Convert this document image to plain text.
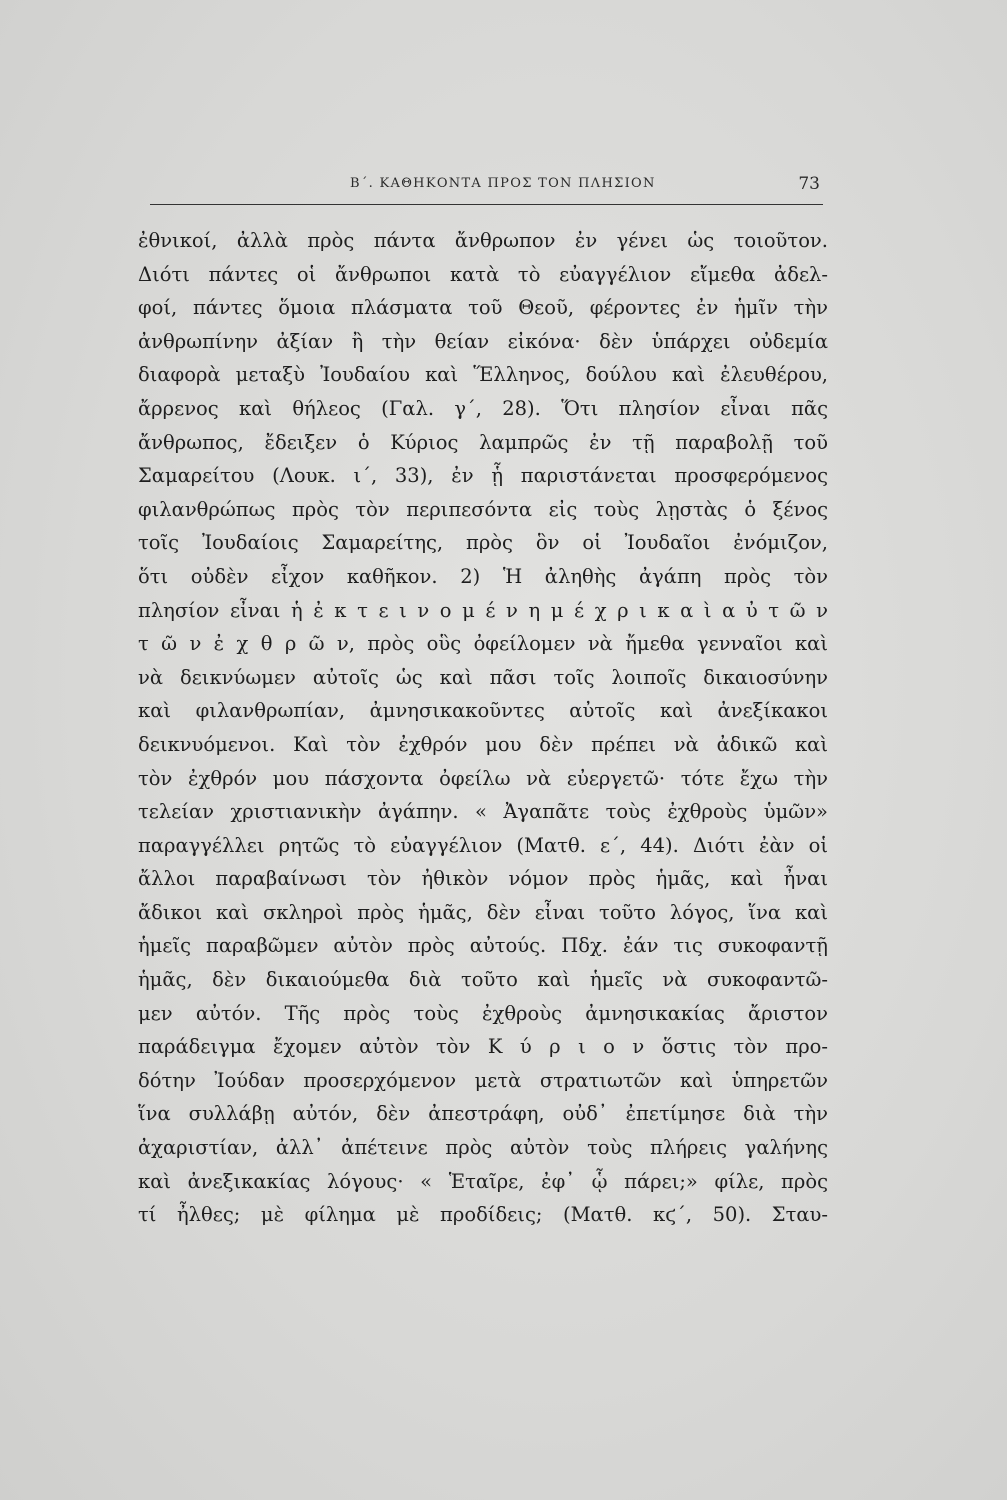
Β΄. ΚΑΘΗΚΟΝΤΑ ΠΡΟΣ ΤΟΝ ΠΛΗΣΙΟΝ	73
ἐθνικοί, ἀλλὰ πρὸς πάντα ἄνθρωπον ἐν γένει ὡς τοιοῦτον.
Διότι πάντες οἱ ἄνθρωποι κατὰ τὸ εὐαγγέλιον εἴμεθα ἀδελ-
φοί, πάντες ὅμοια πλάσματα τοῦ Θεοῦ, φέροντες ἐν ἡμῖν τὴν
ἀνθρωπίνην ἀξίαν ἢ τὴν θείαν εἰκόνα· δὲν ὑπάρχει οὐδεμία
διαφορὰ μεταξὺ Ἰουδαίου καὶ Ἕλληνος, δούλου καὶ ἐλευθέρου,
ἄρρενος καὶ θήλεος (Γαλ. γ΄, 28). Ὅτι πλησίον εἶναι πᾶς
ἄνθρωπος, ἔδειξεν ὁ Κύριος λαμπρῶς ἐν τῇ παραβολῇ τοῦ
Σαμαρείτου (Λουκ. ι΄, 33), ἐν ᾗ παριστάνεται προσφερόμενος
φιλανθρώπως πρὸς τὸν περιπεσόντα εἰς τοὺς λῃστὰς ὁ ξένος
τοῖς Ἰουδαίοις Σαμαρείτης, πρὸς ὃν οἱ Ἰουδαῖοι ἐνόμιζον,
ὅτι οὐδὲν εἶχον καθῆκον. 2) Ἡ ἀληθὴς ἀγάπη πρὸς τὸν
πλησίον εἶναι ἡ ἐ κ τ ε ι ν ο μ έ ν η μ έ χ ρ ι κ α ὶ α ὐ τ ῶ ν
τ ῶ ν ἐ χ θ ρ ῶ ν, πρὸς οὓς ὀφείλομεν νὰ ἤμεθα γενναῖοι καὶ
νὰ δεικνύωμεν αὐτοῖς ὡς καὶ πᾶσι τοῖς λοιποῖς δικαιοσύνην
καὶ φιλανθρωπίαν, ἀμνησικακοῦντες αὐτοῖς καὶ ἀνεξίκακοι
δεικνυόμενοι. Καὶ τὸν ἐχθρόν μου δὲν πρέπει νὰ ἀδικῶ καὶ
τὸν ἐχθρόν μου πάσχοντα ὀφείλω νὰ εὐεργετῶ· τότε ἔχω τὴν
τελείαν χριστιανικὴν ἀγάπην. « Ἀγαπᾶτε τοὺς ἐχθροὺς ὑμῶν»
παραγγέλλει ρητῶς τὸ εὐαγγέλιον (Ματθ. ε΄, 44). Διότι ἐὰν οἱ
ἄλλοι παραβαίνωσι τὸν ἠθικὸν νόμον πρὸς ἡμᾶς, καὶ ἦναι
ἄδικοι καὶ σκληροὶ πρὸς ἡμᾶς, δὲν εἶναι τοῦτο λόγος, ἵνα καὶ
ἡμεῖς παραβῶμεν αὐτὸν πρὸς αὐτούς. Πδχ. ἐάν τις συκοφαντῇ
ἡμᾶς, δὲν δικαιούμεθα διὰ τοῦτο καὶ ἡμεῖς νὰ συκοφαντῶ-
μεν αὐτόν. Τῆς πρὸς τοὺς ἐχθροὺς ἀμνησικακίας ἄριστον
παράδειγμα ἔχομεν αὐτὸν τὸν Κ ύ ρ ι ο ν ὅστις τὸν προ-
δότην Ἰούδαν προσερχόμενον μετὰ στρατιωτῶν καὶ ὑπηρετῶν
ἵνα συλλάβῃ αὐτόν, δὲν ἀπεστράφη, οὐδ᾽ ἐπετίμησε διὰ τὴν
ἀχαριστίαν, ἀλλ᾽ ἀπέτεινε πρὸς αὐτὸν τοὺς πλήρεις γαλήνης
καὶ ἀνεξικακίας λόγους· « Ἑταῖρε, ἐφ᾽ ᾧ πάρει;» φίλε, πρὸς
τί ἦλθες; μὲ φίλημα μὲ προδίδεις; (Ματθ. κϛ΄, 50). Σταυ-
